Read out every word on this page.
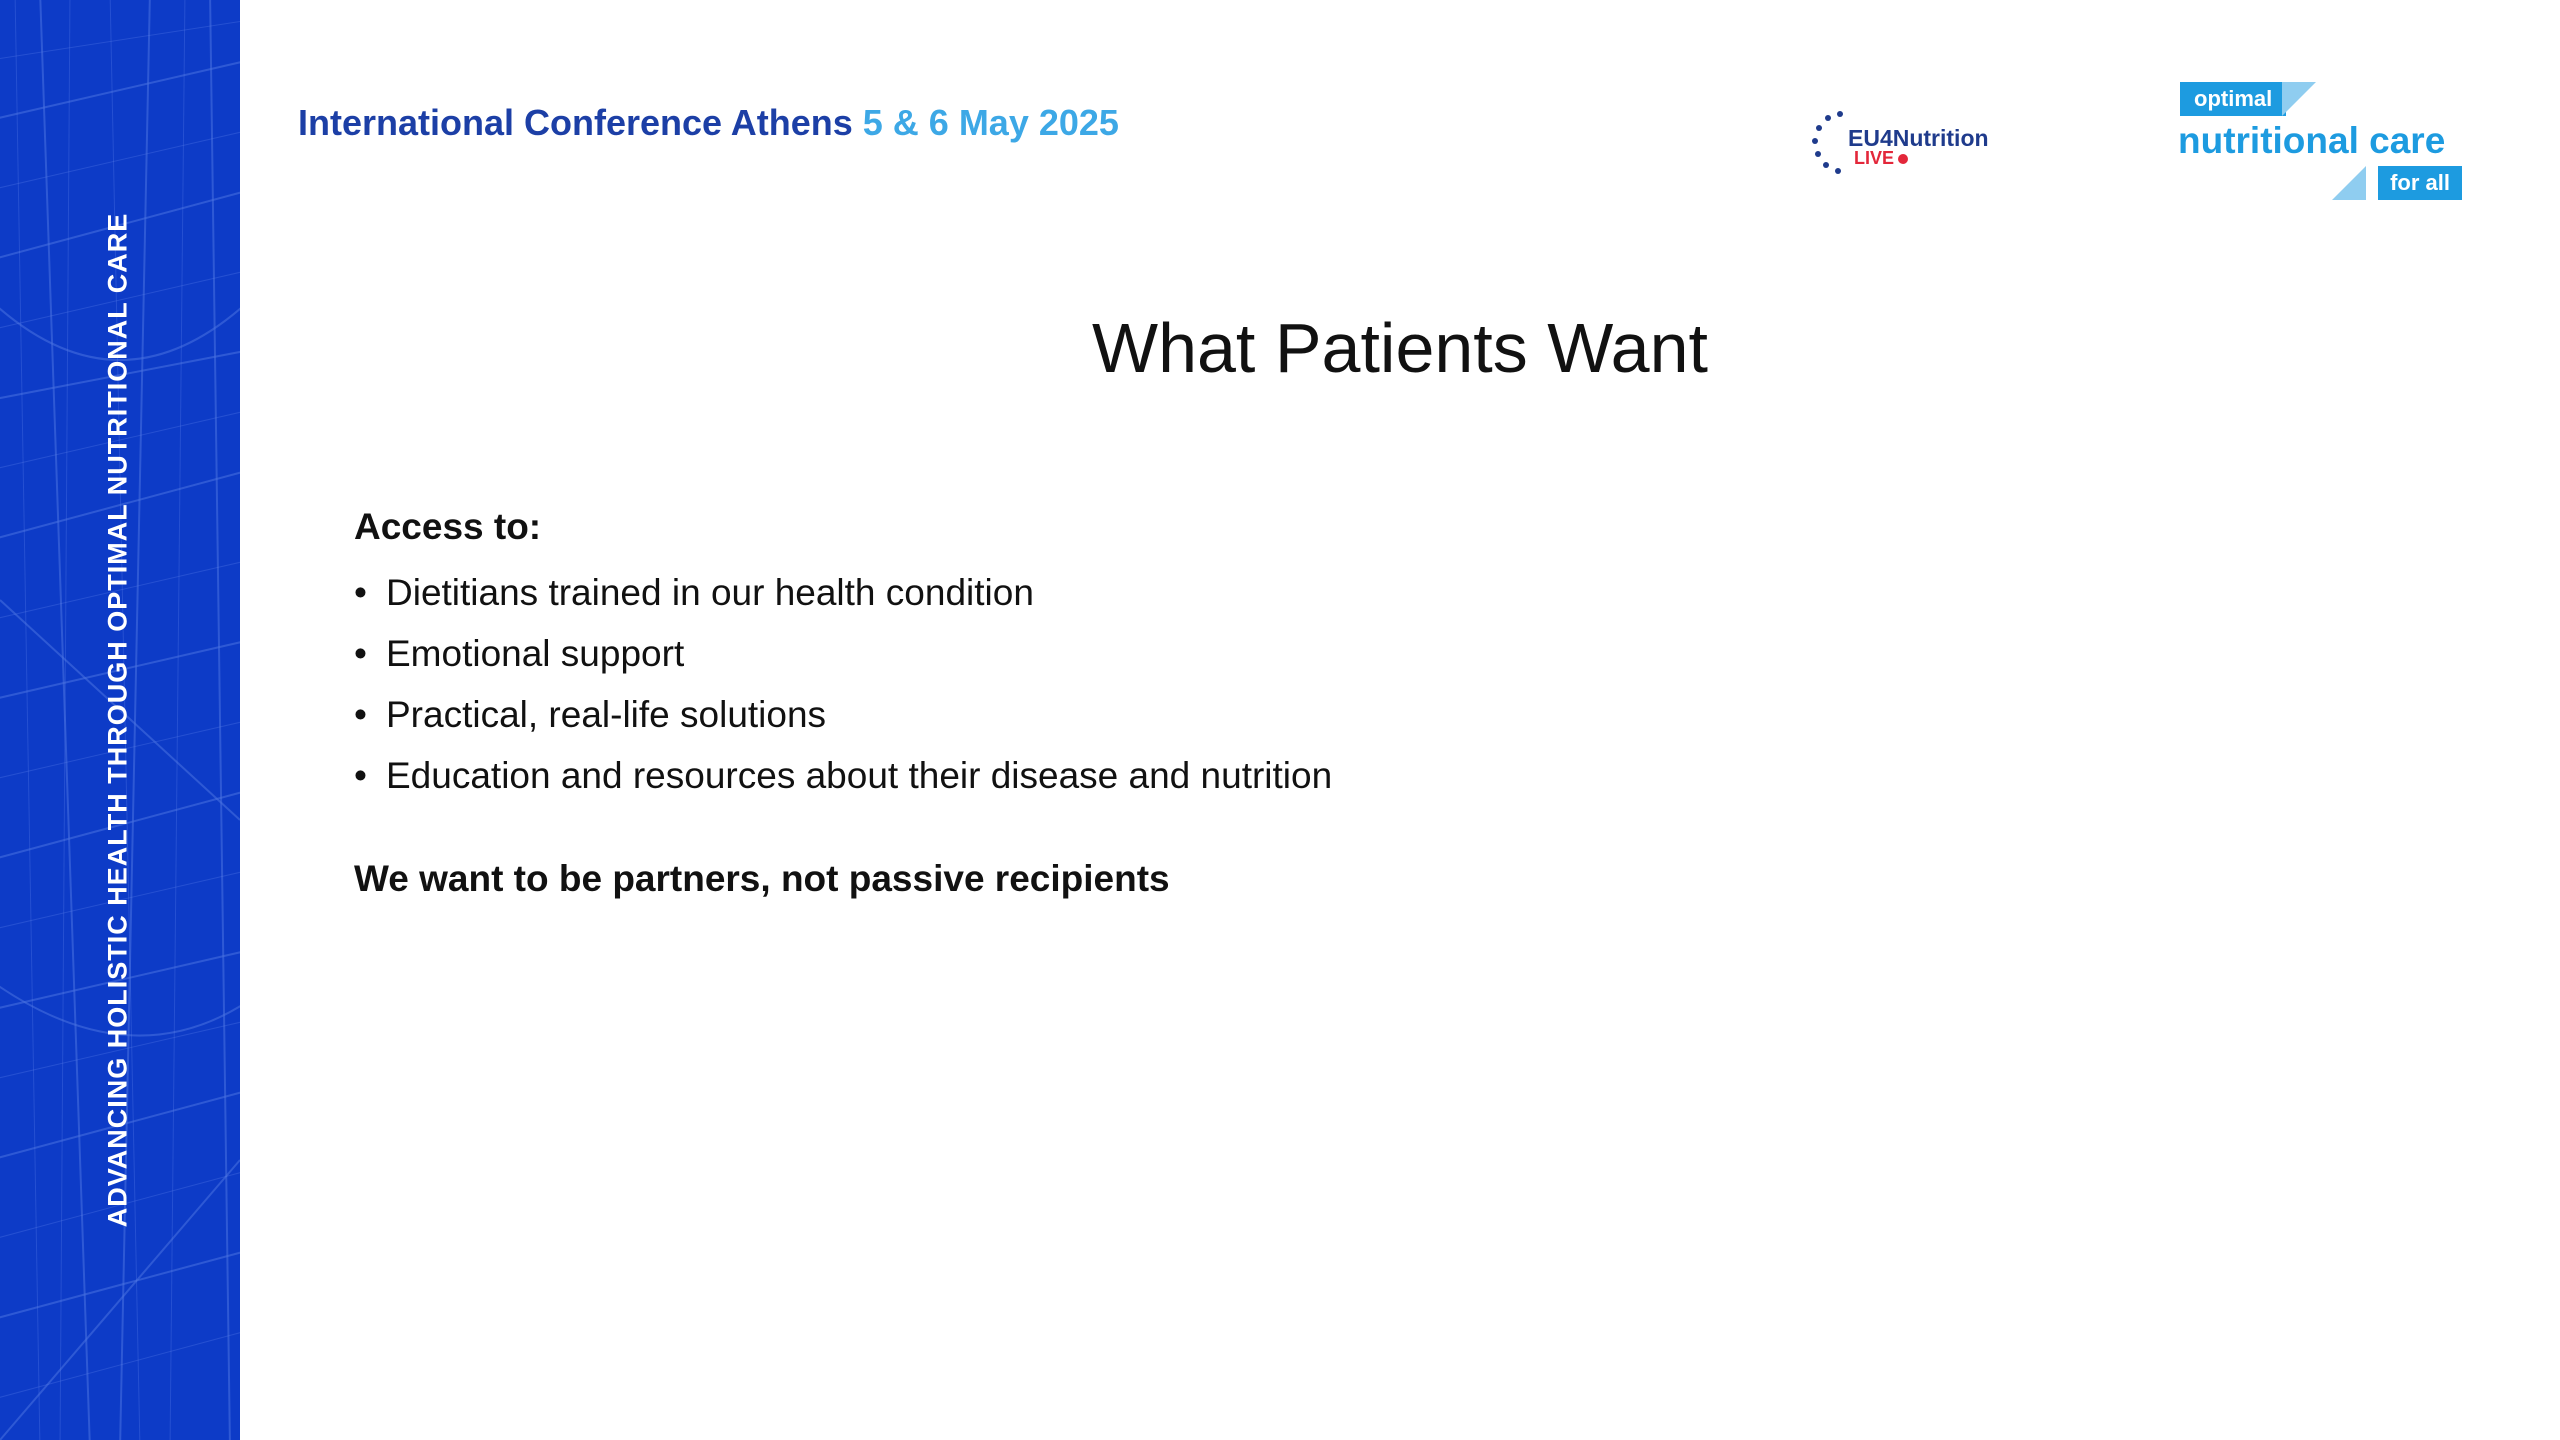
ADVANCING HOLISTIC HEALTH THROUGH OPTIMAL NUTRITIONAL CARE
International Conference Athens 5 & 6 May 2025	EU4Nutrition
LIVE
optimal
nutritional care
for all
What Patients Want
Access to:
• Dietitians trained in our health condition
• Emotional support
• Practical, real-life solutions
• Education and resources about their disease and nutrition
We want to be partners, not passive recipients
